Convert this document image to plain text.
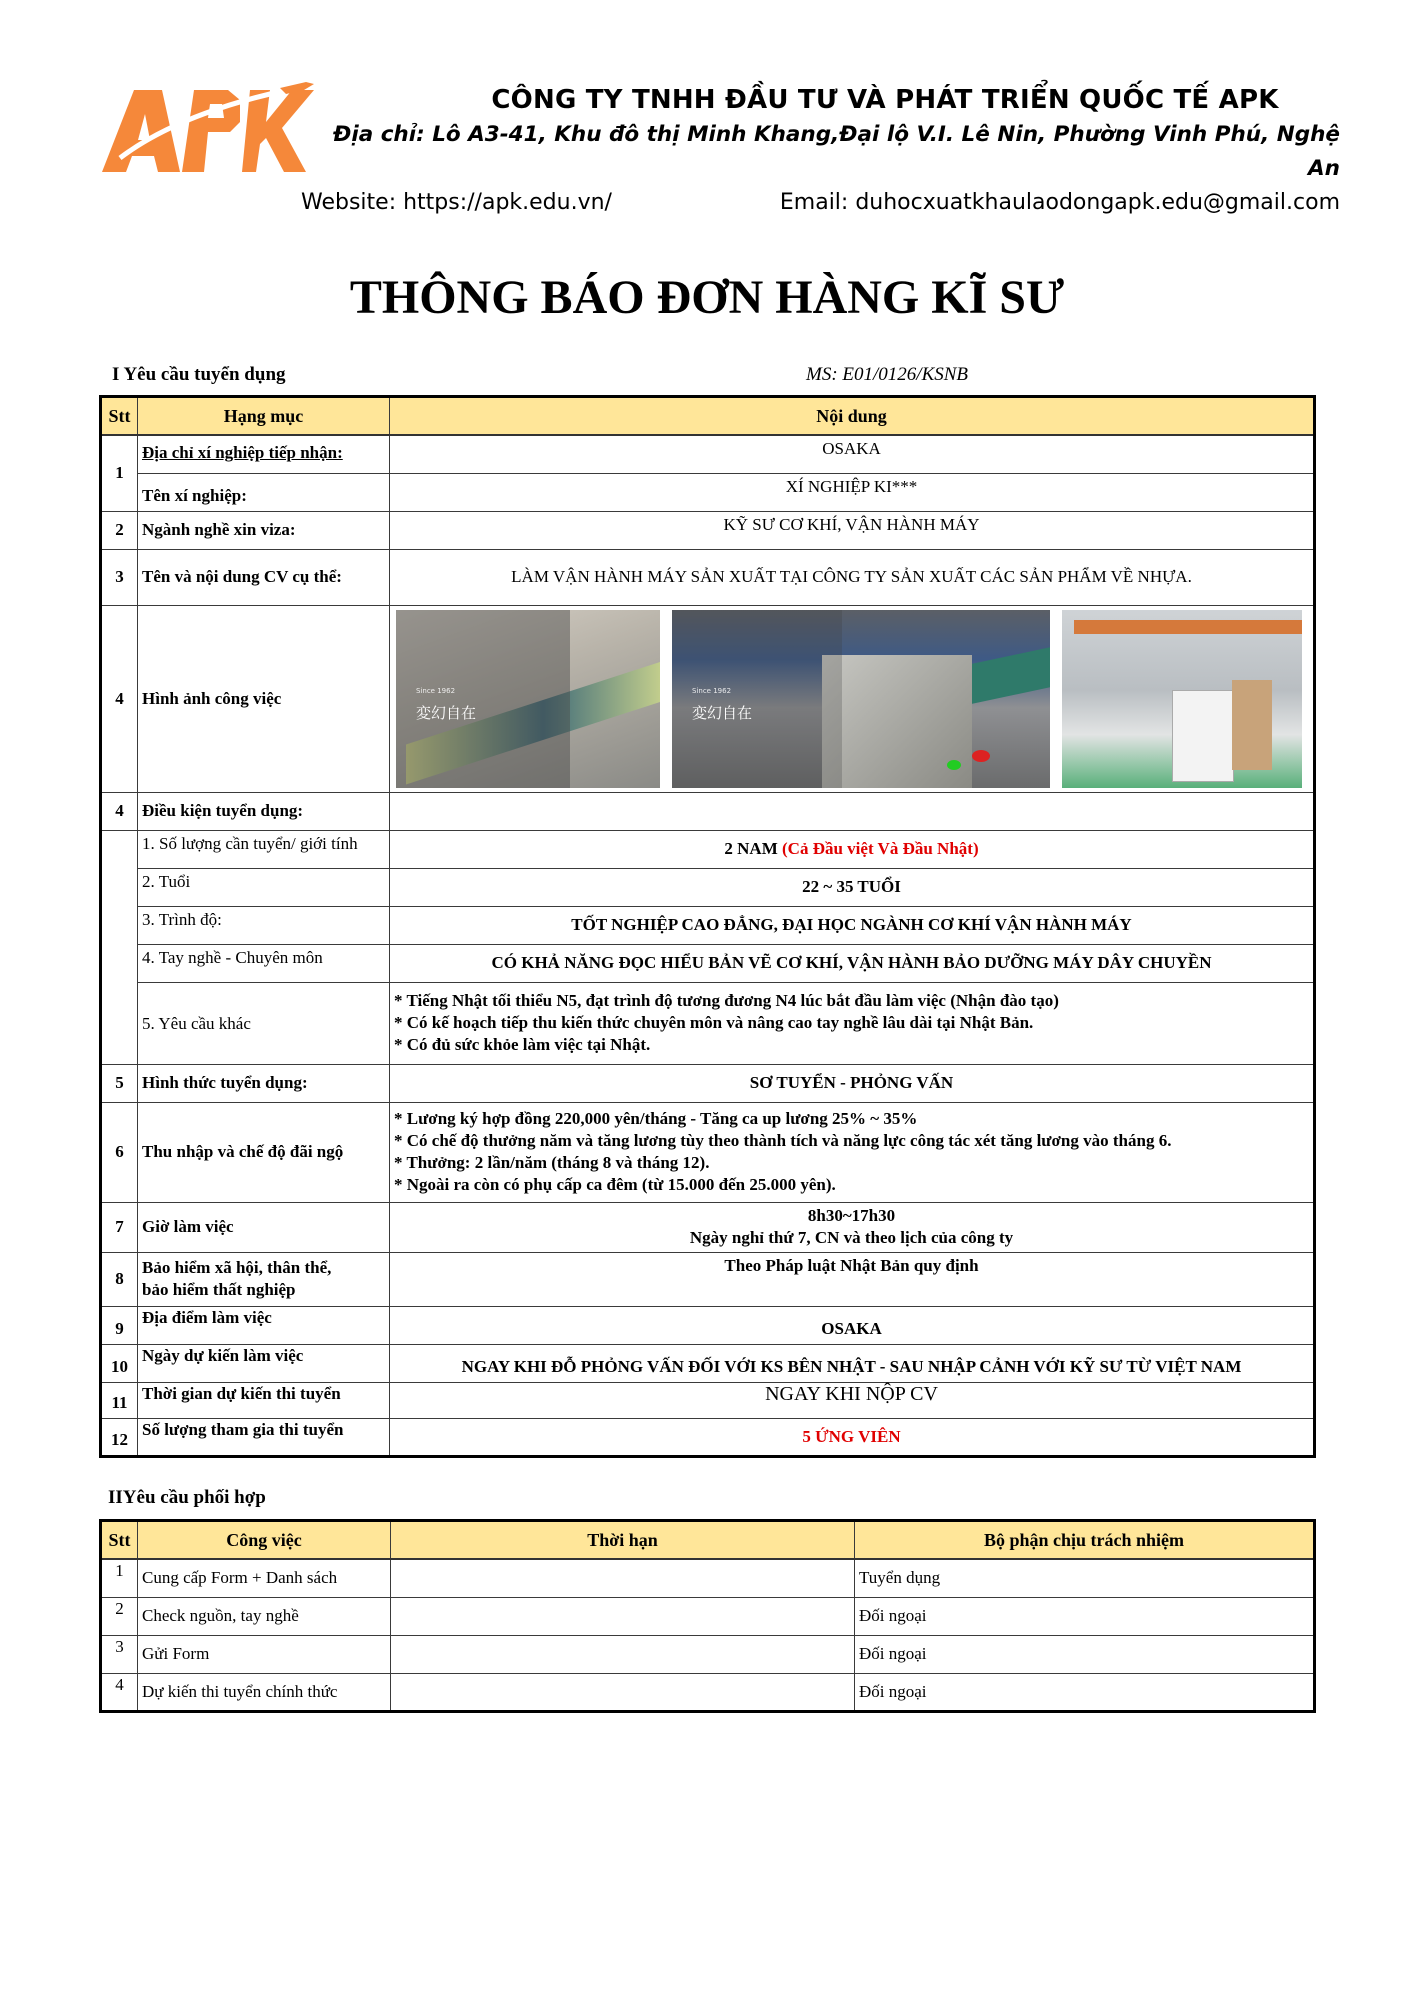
CÔNG TY TNHH ĐẦU TƯ VÀ PHÁT TRIỂN QUỐC TẾ APK
Địa chỉ: Lô A3-41, Khu đô thị Minh Khang,Đại lộ V.I. Lê Nin, Phường Vinh Phú, Nghệ An
Website: https://apk.edu.vn/	Email: duhocxuatkhaulaodongapk.edu@gmail.com
THÔNG BÁO ĐƠN HÀNG KĨ SƯ
I Yêu cầu tuyển dụng	MS: E01/0126/KSNB
Stt	Hạng mục	Nội dung
1	Địa chỉ xí nghiệp tiếp nhận:	OSAKA
	Tên xí nghiệp:	XÍ NGHIỆP KI***
2	Ngành nghề xin viza:	KỸ SƯ CƠ KHÍ, VẬN HÀNH MÁY
3	Tên và nội dung CV cụ thể:	LÀM VẬN HÀNH MÁY SẢN XUẤT TẠI CÔNG TY SẢN XUẤT CÁC SẢN PHẨM VỀ NHỰA.
4	Hình ảnh công việc	Since 1962
変幻自在
Since 1962
変幻自在

4	Điều kiện tuyển dụng:	
	1. Số lượng cần tuyển/ giới tính	2 NAM (Cả Đầu việt Và Đầu Nhật)
	2. Tuổi	22 ~ 35 TUỔI
	3. Trình độ:	TỐT NGHIỆP CAO ĐẲNG, ĐẠI HỌC NGÀNH CƠ KHÍ VẬN HÀNH MÁY
	4. Tay nghề - Chuyên môn	CÓ KHẢ NĂNG ĐỌC HIỂU BẢN VẼ CƠ KHÍ, VẬN HÀNH BẢO DƯỠNG MÁY DÂY CHUYỀN
	5. Yêu cầu khác	* Tiếng Nhật tối thiểu N5, đạt trình độ tương đương N4 lúc bắt đầu làm việc (Nhận đào tạo)
* Có kế hoạch tiếp thu kiến thức chuyên môn và nâng cao tay nghề lâu dài tại Nhật Bản.
* Có đủ sức khỏe làm việc tại Nhật.

5	Hình thức tuyển dụng:	SƠ TUYỂN - PHỎNG VẤN
6	Thu nhập và chế độ đãi ngộ	* Lương ký hợp đồng 220,000 yên/tháng - Tăng ca up lương 25% ~ 35%
* Có chế độ thưởng năm và tăng lương tùy theo thành tích và năng lực công tác xét tăng lương vào tháng 6.
* Thưởng: 2 lần/năm (tháng 8 và tháng 12).
* Ngoài ra còn có phụ cấp ca đêm (từ 15.000 đến 25.000 yên).

7	Giờ làm việc	8h30~17h30
Ngày nghỉ thứ 7, CN và theo lịch của công ty

8	Bảo hiểm xã hội, thân thể,
bảo hiểm thất nghiệp	Theo Pháp luật Nhật Bản quy định
9	Địa điểm làm việc	OSAKA
10	Ngày dự kiến làm việc	NGAY KHI ĐỖ PHỎNG VẤN ĐỐI VỚI KS BÊN NHẬT - SAU NHẬP CẢNH VỚI KỸ SƯ TỪ VIỆT NAM
11	Thời gian dự kiến thi tuyển	NGAY KHI NỘP CV
12	Số lượng tham gia thi tuyển	5 ỨNG VIÊN
IIYêu cầu phối hợp
Stt	Công việc	Thời hạn	Bộ phận chịu trách nhiệm
1	Cung cấp Form + Danh sách		Tuyển dụng
2	Check nguồn, tay nghề		Đối ngoại
3	Gửi Form		Đối ngoại
4	Dự kiến thi tuyển chính thức		Đối ngoại
